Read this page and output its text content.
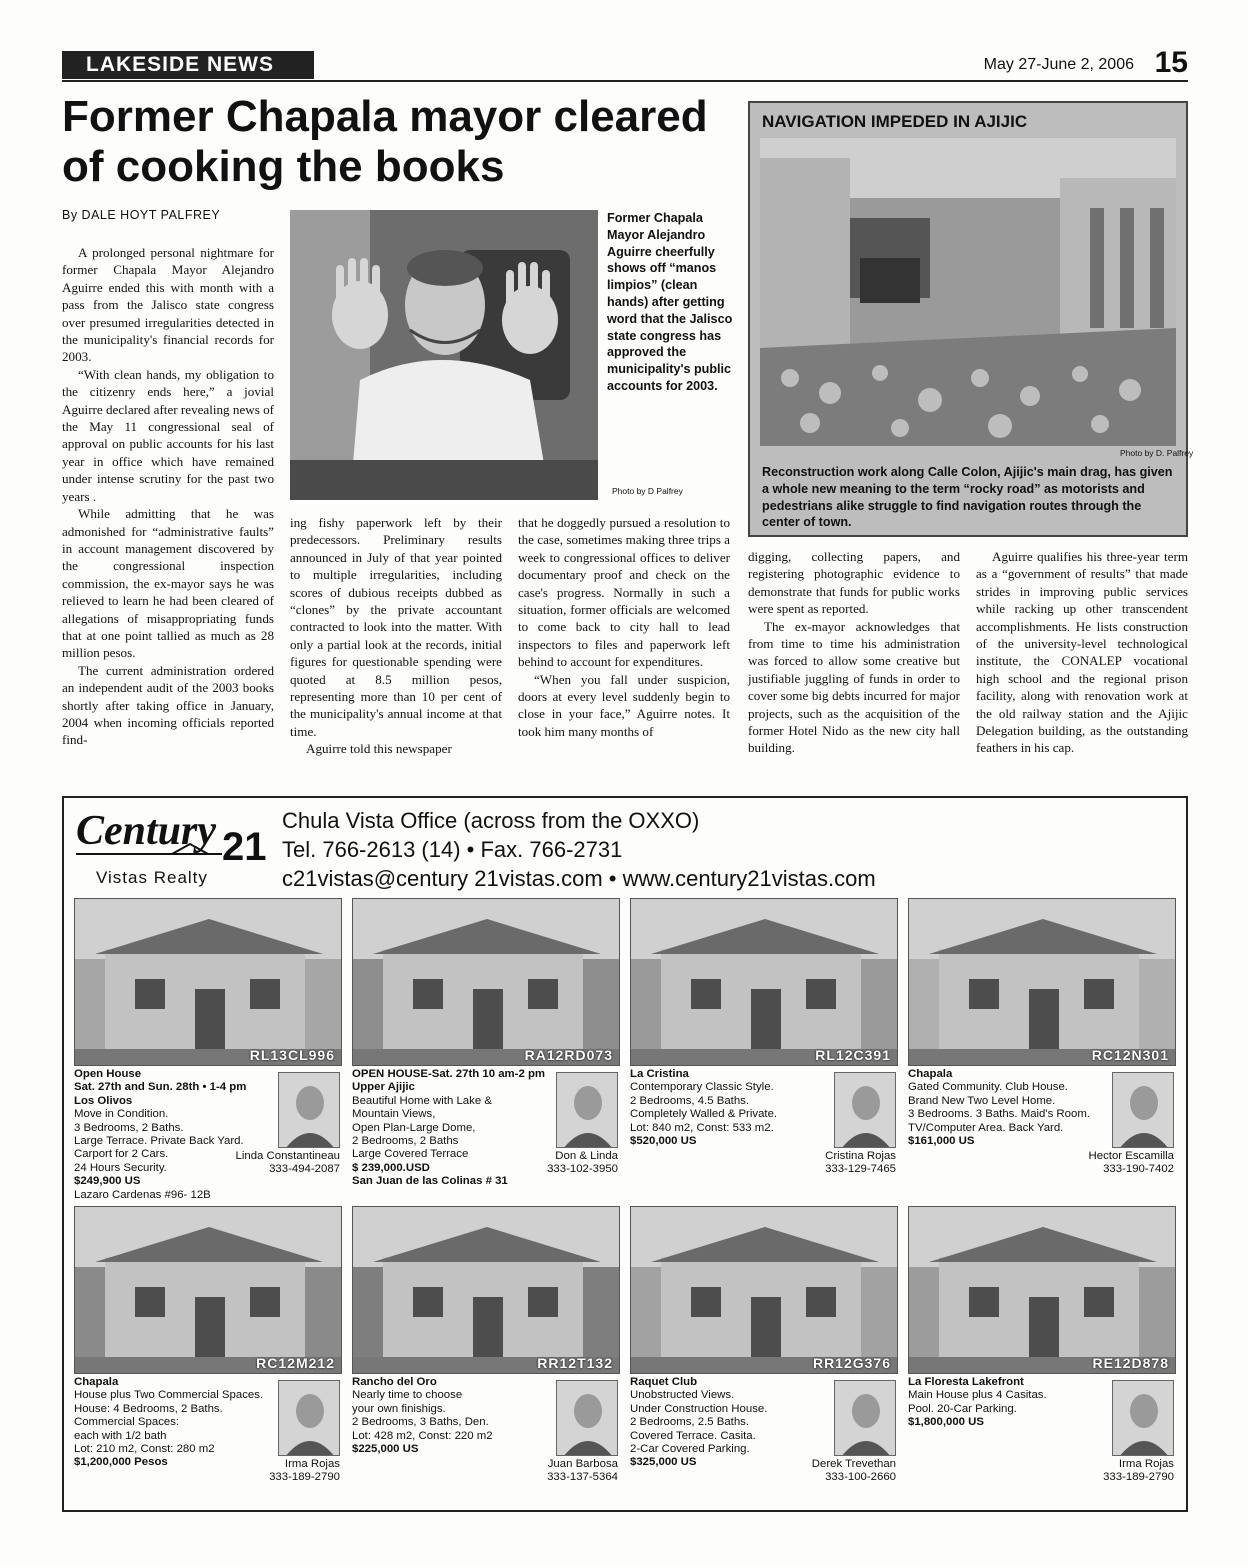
LAKESIDE NEWS	May 27-June 2, 2006 15
Former Chapala mayor cleared of cooking the books
By DALE HOYT PALFREY	Former Chapala Mayor Alejandro Aguirre cheerfully shows off “manos limpios” (clean hands) after getting word that the Jalisco state congress has approved the municipality's public accounts for 2003.
Photo by D Palfrey
NAVIGATION IMPEDED IN AJIJIC
Photo by D. Palfrey
Reconstruction work along Calle Colon, Ajijic's main drag, has given a whole new meaning to the term “rocky road” as motorists and pedestrians alike struggle to find navigation routes through the center of town.

A prolonged personal nightmare for former Chapala Mayor Alejandro Aguirre ended this with month with a pass from the Jalisco state congress over presumed irregularities detected in the municipality's financial records for 2003.

“With clean hands, my obligation to the citizenry ends here,” a jovial Aguirre declared after revealing news of the May 11 congressional seal of approval on public accounts for his last year in office which have remained under intense scrutiny for the past two years .

While admitting that he was admonished for “administrative faults” in account management discovered by the congressional inspection commission, the ex-mayor says he was relieved to learn he had been cleared of allegations of misappropriating funds that at one point tallied as much as 28 million pesos.

The current administration ordered an independent audit of the 2003 books shortly after taking office in January, 2004 when incoming officials reported find-

ing fishy paperwork left by their predecessors. Preliminary results announced in July of that year pointed to multiple irregularities, including scores of dubious receipts dubbed as “clones” by the private accountant contracted to look into the matter. With only a partial look at the records, initial figures for questionable spending were quoted at 8.5 million pesos, representing more than 10 per cent of the municipality's annual income at that time.

Aguirre told this newspaper

that he doggedly pursued a resolution to the case, sometimes making three trips a week to congressional offices to deliver documentary proof and check on the case's progress. Normally in such a situation, former officials are welcomed to come back to city hall to lead inspectors to files and paperwork left behind to account for expenditures.

“When you fall under suspicion, doors at every level suddenly begin to close in your face,” Aguirre notes. It took him many months of

digging, collecting papers, and registering photographic evidence to demonstrate that funds for public works were spent as reported.

The ex-mayor acknowledges that from time to time his administration was forced to allow some creative but justifiable juggling of funds in order to cover some big debts incurred for major projects, such as the acquisition of the former Hotel Nido as the new city hall building.

Aguirre qualifies his three-year term as a “government of results” that made strides in improving public services while racking up other transcendent accomplishments. He lists construction of the university-level technological institute, the CONALEP vocational high school and the regional prison facility, along with renovation work at the old railway station and the Ajijic Delegation building, as the outstanding feathers in his cap.

Century 21
Vistas Realty
Chula Vista Office (across from the OXXO)
Tel. 766-2613 (14) • Fax. 766-2731
c21vistas@century 21vistas.com • www.century21vistas.com
RL13CL996
Open House
Sat. 27th and Sun. 28th • 1-4 pm
Los Olivos
Move in Condition.
3 Bedrooms, 2 Baths.
Large Terrace. Private Back Yard.
Carport for 2 Cars.
24 Hours Security.
$249,900 US
Lazaro Cardenas #96- 12B
Linda Constantineau
333-494-2087
RA12RD073
OPEN HOUSE-Sat. 27th 10 am-2 pm
Upper Ajijic
Beautiful Home with Lake &
Mountain Views,
Open Plan-Large Dome,
2 Bedrooms, 2 Baths
Large Covered Terrace
$ 239,000.USD
San Juan de las Colinas # 31
Don & Linda
333-102-3950
RL12C391
La Cristina
Contemporary Classic Style.
2 Bedrooms, 4.5 Baths.
Completely Walled & Private.
Lot: 840 m2, Const: 533 m2.
$520,000 US
Cristina Rojas
333-129-7465
RC12N301
Chapala
Gated Community. Club House.
Brand New Two Level Home.
3 Bedrooms. 3 Baths. Maid's Room.
TV/Computer Area. Back Yard.
$161,000 US
Hector Escamilla
333-190-7402
RC12M212
Chapala
House plus Two Commercial Spaces.
House: 4 Bedrooms, 2 Baths.
Commercial Spaces:
each with 1/2 bath
Lot: 210 m2, Const: 280 m2
$1,200,000 Pesos	Irma Rojas
333-189-2790
RR12T132
Rancho del Oro
Nearly time to choose
your own finishigs.
2 Bedrooms, 3 Baths, Den.
Lot: 428 m2, Const: 220 m2
$225,000 US
Juan Barbosa
333-137-5364
RR12G376
Raquet Club
Unobstructed Views.
Under Construction House.
2 Bedrooms, 2.5 Baths.
Covered Terrace. Casita.
2-Car Covered Parking.
$325,000 US	Derek Trevethan
333-100-2660
RE12D878
La Floresta Lakefront
Main House plus 4 Casitas.
Pool. 20-Car Parking.
$1,800,000 US
Irma Rojas
333-189-2790
